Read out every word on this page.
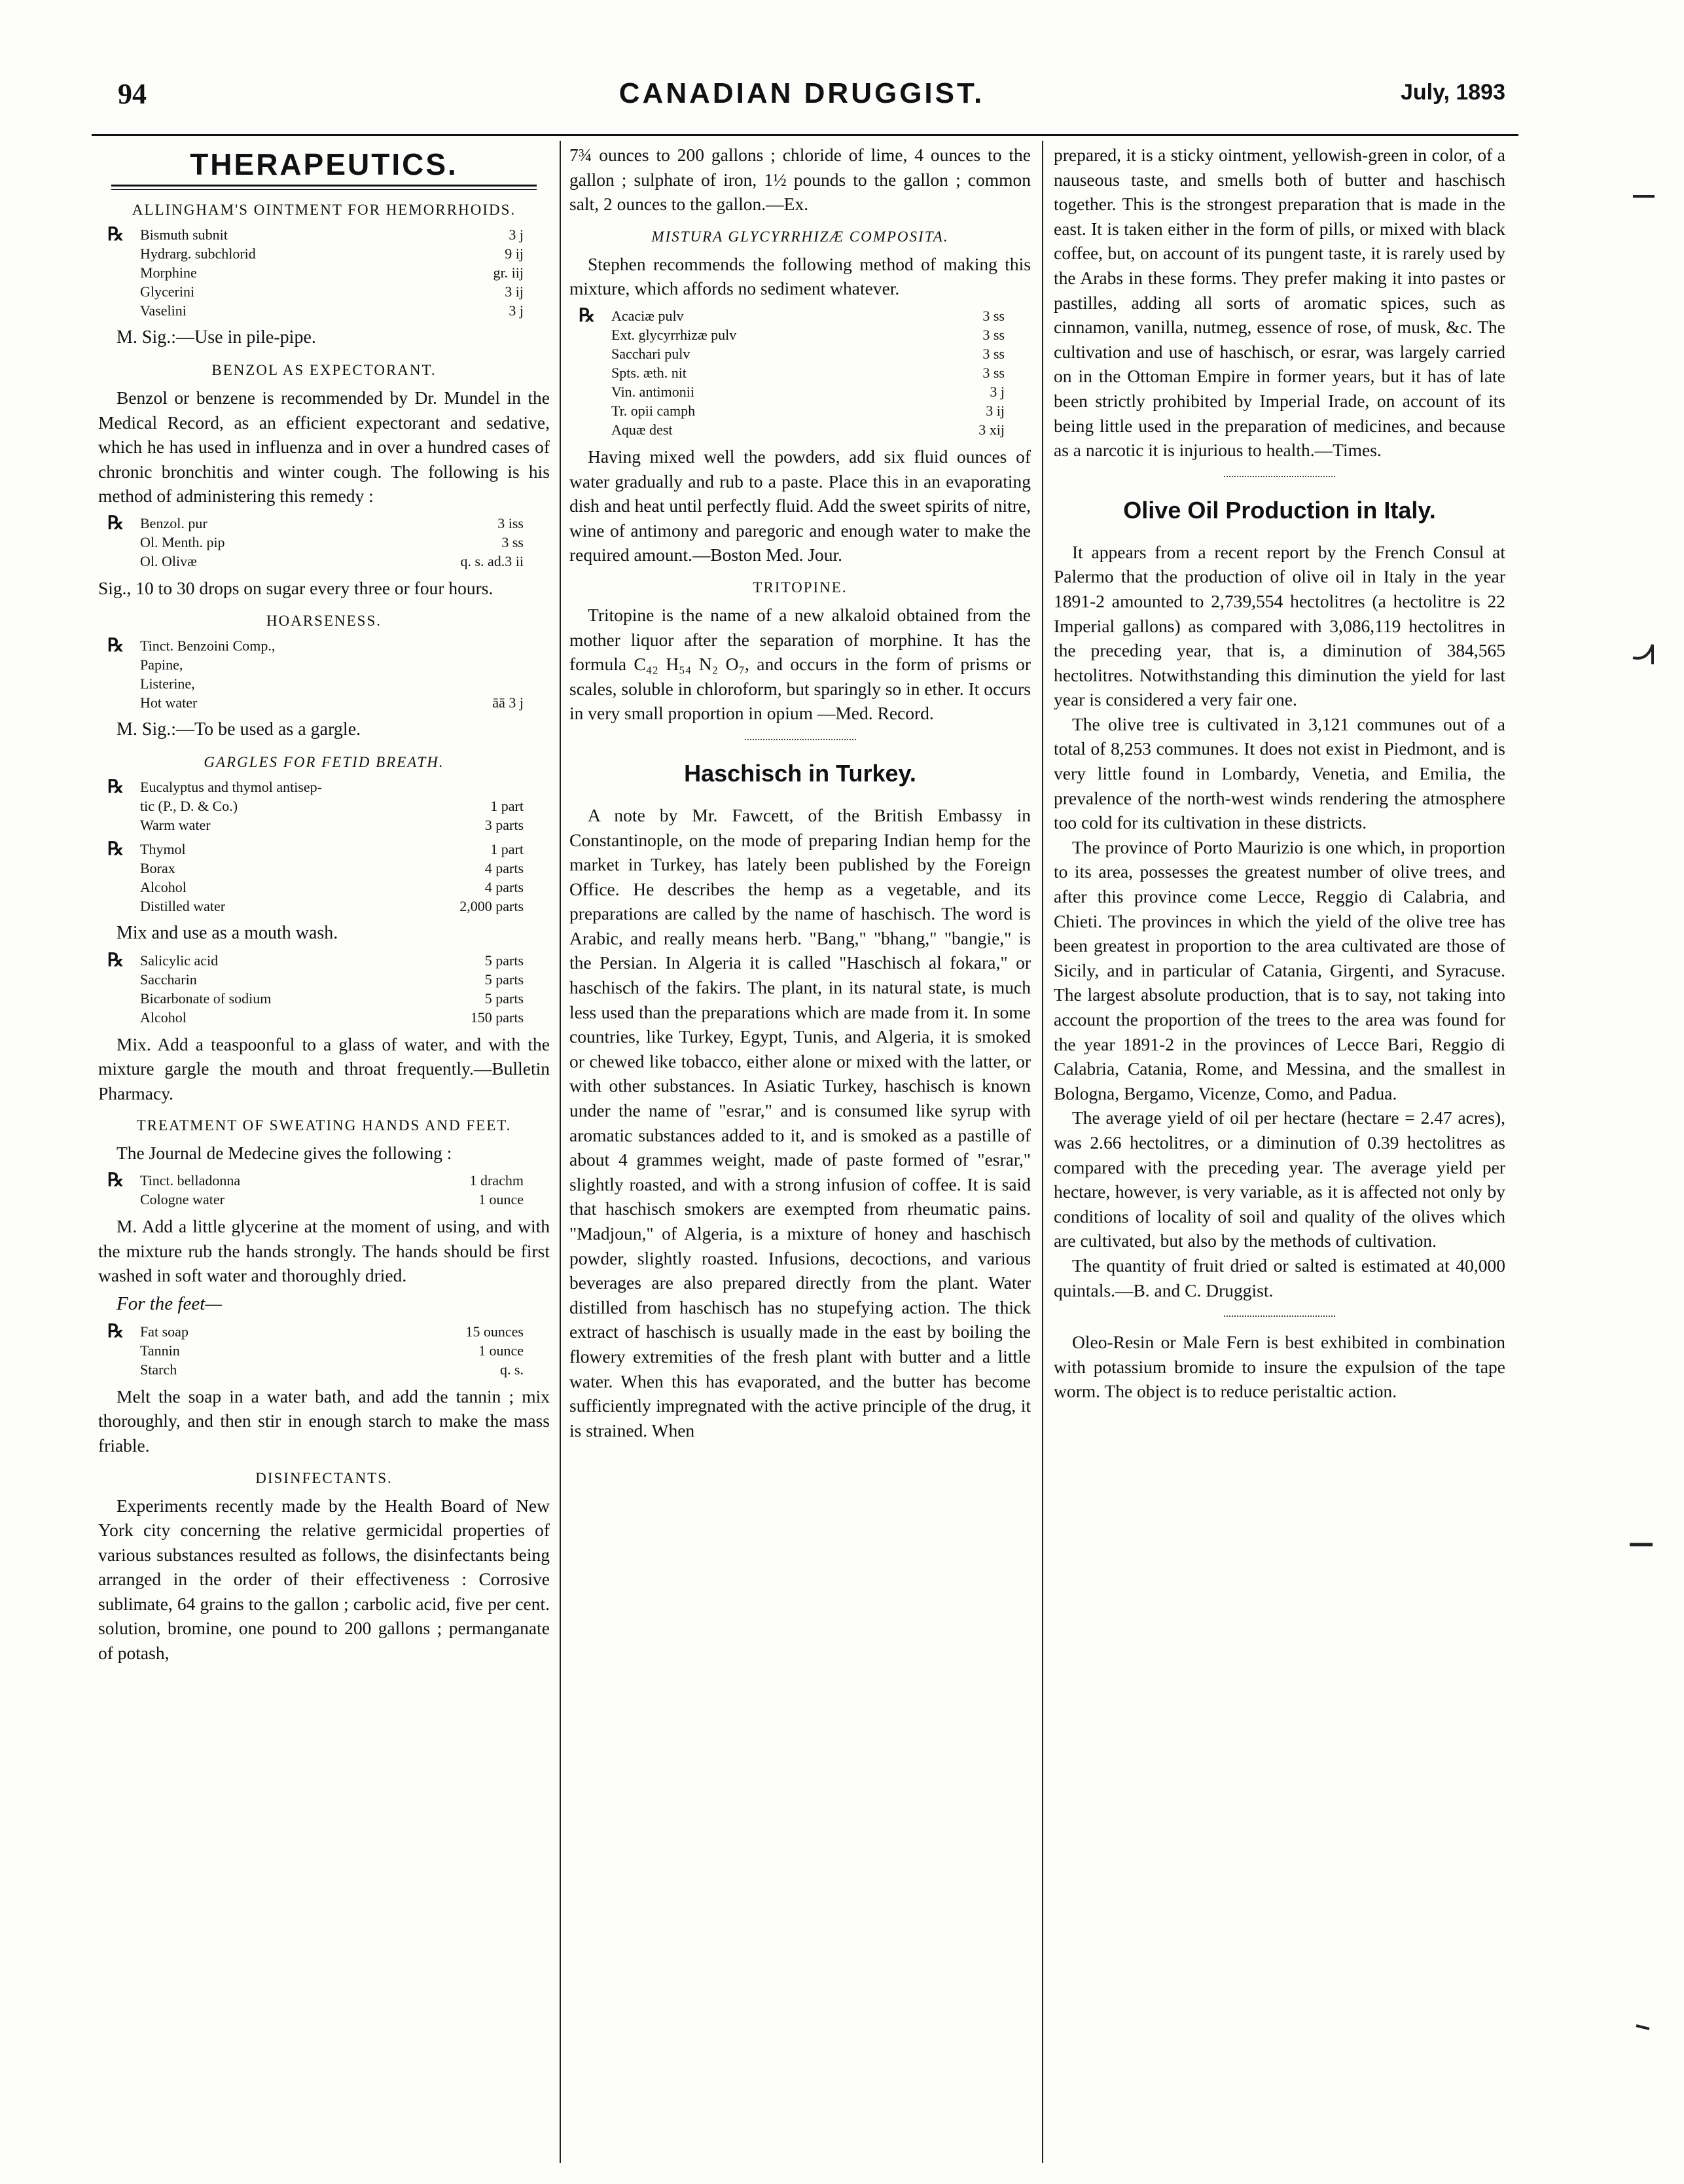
94	CANADIAN DRUGGIST.	July, 1893
THERAPEUTICS.
ALLINGHAM'S OINTMENT FOR HEMORRHOIDS.
℞ Bismuth subnit	3 j
Hydrarg. subchlorid	9 ij
Morphine	gr. iij
Glycerini	3 ij
Vaselini	3 j
M. Sig.:—Use in pile-pipe.
BENZOL AS EXPECTORANT.

Benzol or benzene is recommended by Dr. Mundel in the Medical Record, as an efficient expectorant and sedative, which he has used in influenza and in over a hundred cases of chronic bronchitis and winter cough. The following is his method of administering this remedy :

℞ Benzol. pur	3 iss
Ol. Menth. pip	3 ss
Ol. Olivæ	q. s. ad.3 ii

Sig., 10 to 30 drops on sugar every three or four hours.

HOARSENESS.
℞ Tinct. Benzoini Comp.,
Papine,
Listerine,
Hot water	āā 3 j
M. Sig.:—To be used as a gargle.
GARGLES FOR FETID BREATH.
℞ Eucalyptus and thymol antisep-
tic (P., D. & Co.)	1 part
Warm water	3 parts
℞ Thymol	1 part
Borax	4 parts
Alcohol	4 parts
Distilled water	2,000 parts
Mix and use as a mouth wash.
℞ Salicylic acid	5 parts
Saccharin	5 parts
Bicarbonate of sodium	5 parts
Alcohol	150 parts

Mix. Add a teaspoonful to a glass of water, and with the mixture gargle the mouth and throat frequently.—Bulletin Pharmacy.

TREATMENT OF SWEATING HANDS AND FEET.

The Journal de Medecine gives the following :

℞ Tinct. belladonna	1 drachm
Cologne water	1 ounce

M. Add a little glycerine at the moment of using, and with the mixture rub the hands strongly. The hands should be first washed in soft water and thoroughly dried.

For the feet—
℞ Fat soap	15 ounces
Tannin	1 ounce
Starch	q. s.

Melt the soap in a water bath, and add the tannin ; mix thoroughly, and then stir in enough starch to make the mass friable.

DISINFECTANTS.

Experiments recently made by the Health Board of New York city concerning the relative germicidal properties of various substances resulted as follows, the disinfectants being arranged in the order of their effectiveness : Corrosive sublimate, 64 grains to the gallon ; carbolic acid, five per cent. solution, bromine, one pound to 200 gallons ; permanganate of potash,

7¾ ounces to 200 gallons ; chloride of lime, 4 ounces to the gallon ; sulphate of iron, 1½ pounds to the gallon ; common salt, 2 ounces to the gallon.—Ex.

MISTURA GLYCYRRHIZÆ COMPOSITA.

Stephen recommends the following method of making this mixture, which affords no sediment whatever.

℞ Acaciæ pulv	3 ss
Ext. glycyrrhizæ pulv	3 ss
Sacchari pulv	3 ss
Spts. æth. nit	3 ss
Vin. antimonii	3 j
Tr. opii camph	3 ij
Aquæ dest	3 xij

Having mixed well the powders, add six fluid ounces of water gradually and rub to a paste. Place this in an evaporating dish and heat until perfectly fluid. Add the sweet spirits of nitre, wine of antimony and paregoric and enough water to make the required amount.—Boston Med. Jour.

TRITOPINE.

Tritopine is the name of a new alkaloid obtained from the mother liquor after the separation of morphine. It has the formula C₄₂ H₅₄ N₂ O₇, and occurs in the form of prisms or scales, soluble in chloroform, but sparingly so in ether. It occurs in very small proportion in opium —Med. Record.

Haschisch in Turkey.

A note by Mr. Fawcett, of the British Embassy in Constantinople, on the mode of preparing Indian hemp for the market in Turkey, has lately been published by the Foreign Office. He describes the hemp as a vegetable, and its preparations are called by the name of haschisch. The word is Arabic, and really means herb. "Bang," "bhang," "bangie," is the Persian. In Algeria it is called "Haschisch al fokara," or haschisch of the fakirs. The plant, in its natural state, is much less used than the preparations which are made from it. In some countries, like Turkey, Egypt, Tunis, and Algeria, it is smoked or chewed like tobacco, either alone or mixed with the latter, or with other substances. In Asiatic Turkey, haschisch is known under the name of "esrar," and is consumed like syrup with aromatic substances added to it, and is smoked as a pastille of about 4 grammes weight, made of paste formed of "esrar," slightly roasted, and with a strong infusion of coffee. It is said that haschisch smokers are exempted from rheumatic pains. "Madjoun," of Algeria, is a mixture of honey and haschisch powder, slightly roasted. Infusions, decoctions, and various beverages are also prepared directly from the plant. Water distilled from haschisch has no stupefying action. The thick extract of haschisch is usually made in the east by boiling the flowery extremities of the fresh plant with butter and a little water. When this has evaporated, and the butter has become sufficiently impregnated with the active principle of the drug, it is strained. When

prepared, it is a sticky ointment, yellowish-green in color, of a nauseous taste, and smells both of butter and haschisch together. This is the strongest preparation that is made in the east. It is taken either in the form of pills, or mixed with black coffee, but, on account of its pungent taste, it is rarely used by the Arabs in these forms. They prefer making it into pastes or pastilles, adding all sorts of aromatic spices, such as cinnamon, vanilla, nutmeg, essence of rose, of musk, &c. The cultivation and use of haschisch, or esrar, was largely carried on in the Ottoman Empire in former years, but it has of late been strictly prohibited by Imperial Irade, on account of its being little used in the preparation of medicines, and because as a narcotic it is injurious to health.—Times.

Olive Oil Production in Italy.

It appears from a recent report by the French Consul at Palermo that the production of olive oil in Italy in the year 1891-2 amounted to 2,739,554 hectolitres (a hectolitre is 22 Imperial gallons) as compared with 3,086,119 hectolitres in the preceding year, that is, a diminution of 384,565 hectolitres. Notwithstanding this diminution the yield for last year is considered a very fair one.

The olive tree is cultivated in 3,121 communes out of a total of 8,253 communes. It does not exist in Piedmont, and is very little found in Lombardy, Venetia, and Emilia, the prevalence of the north-west winds rendering the atmosphere too cold for its cultivation in these districts.

The province of Porto Maurizio is one which, in proportion to its area, possesses the greatest number of olive trees, and after this province come Lecce, Reggio di Calabria, and Chieti. The provinces in which the yield of the olive tree has been greatest in proportion to the area cultivated are those of Sicily, and in particular of Catania, Girgenti, and Syracuse. The largest absolute production, that is to say, not taking into account the proportion of the trees to the area was found for the year 1891-2 in the provinces of Lecce Bari, Reggio di Calabria, Catania, Rome, and Messina, and the smallest in Bologna, Bergamo, Vicenze, Como, and Padua.

The average yield of oil per hectare (hectare = 2.47 acres), was 2.66 hectolitres, or a diminution of 0.39 hectolitres as compared with the preceding year. The average yield per hectare, however, is very variable, as it is affected not only by conditions of locality of soil and quality of the olives which are cultivated, but also by the methods of cultivation.

The quantity of fruit dried or salted is estimated at 40,000 quintals.—B. and C. Druggist.

Oleo-Resin or Male Fern is best exhibited in combination with potassium bromide to insure the expulsion of the tape worm. The object is to reduce peristaltic action.
